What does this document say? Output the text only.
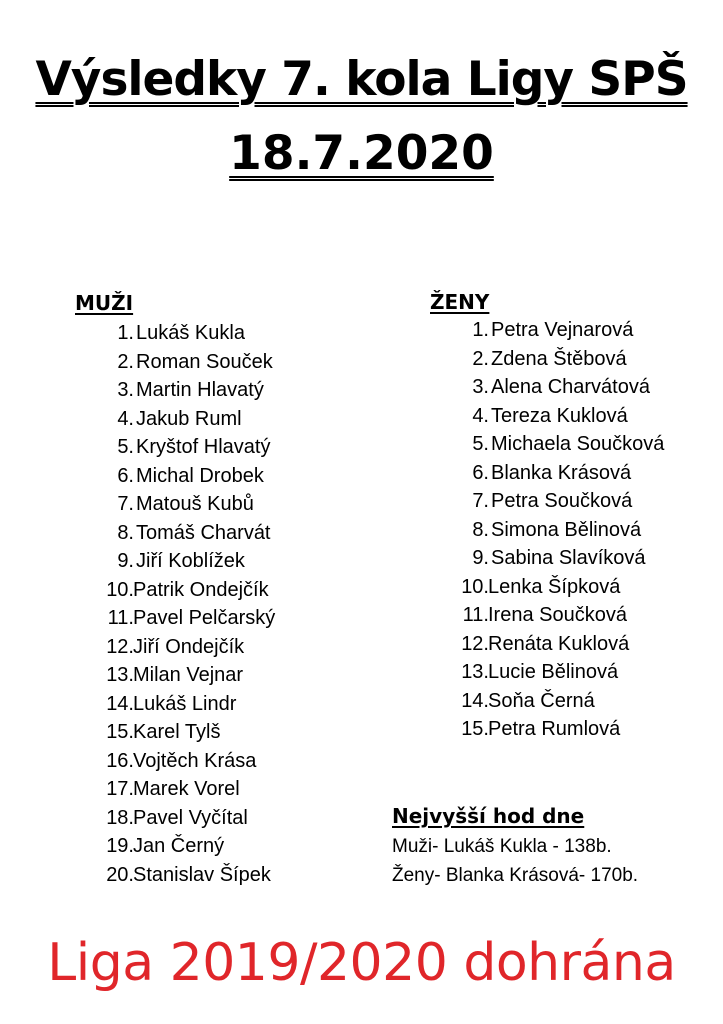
Výsledky 7. kola Ligy SPŠ
18.7.2020
MUŽI
1. Lukáš Kukla
2. Roman Souček
3. Martin Hlavatý
4. Jakub Ruml
5. Kryštof Hlavatý
6. Michal Drobek
7. Matouš Kubů
8. Tomáš Charvát
9. Jiří Koblížek
10. Patrik Ondejčík
11. Pavel Pelčarský
12. Jiří Ondejčík
13. Milan Vejnar
14. Lukáš Lindr
15. Karel Tylš
16. Vojtěch Krása
17. Marek Vorel
18. Pavel Vyčítal
19. Jan Černý
20. Stanislav Šípek
ŽENY
1. Petra Vejnarová
2. Zdena Štěbová
3. Alena Charvátová
4. Tereza Kuklová
5. Michaela Součková
6. Blanka Krásová
7. Petra Součková
8. Simona Bělinová
9. Sabina Slavíková
10. Lenka Šípková
11. Irena Součková
12. Renáta Kuklová
13. Lucie Bělinová
14. Soňa Černá
15. Petra Rumlová
Nejvyšší hod dne
Muži- Lukáš Kukla - 138b.
Ženy- Blanka Krásová- 170b.
Liga 2019/2020 dohrána
